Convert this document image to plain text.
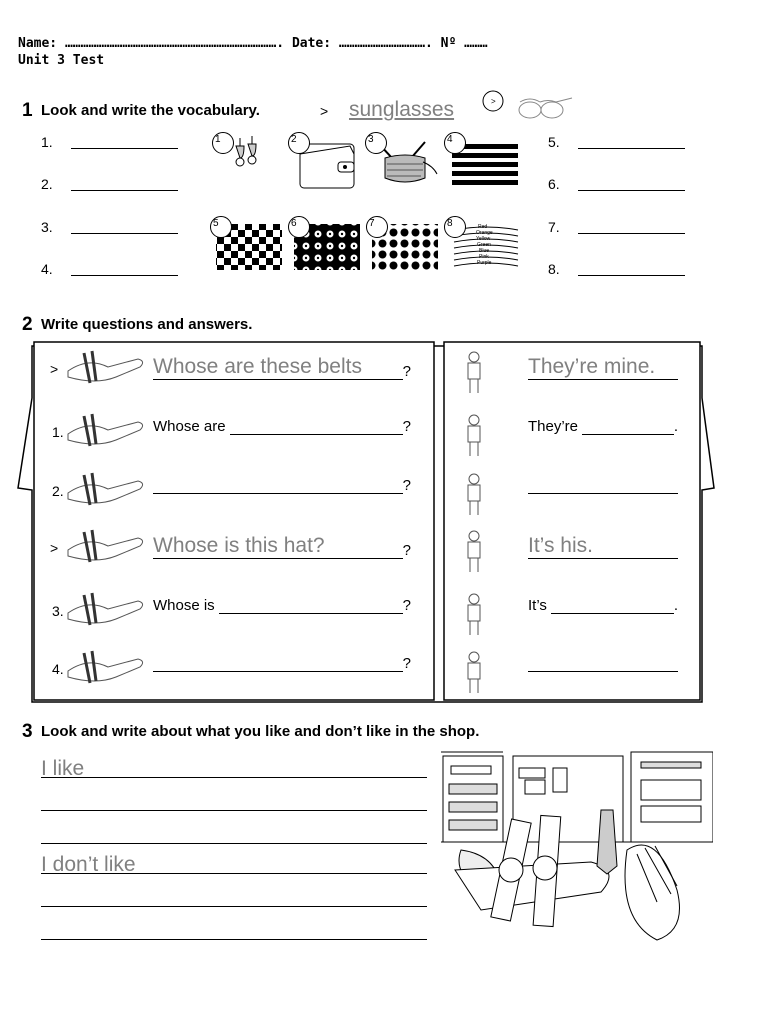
Name: ………………………………………………………………………. Date: ……………………………. Nº ………
Unit 3 Test
1 Look and write the vocabulary.	> sunglasses	>
1.
2.
3.
4.
5.
6.
7.
8.
1	2	3	4
5	6	7	Red
Orange
Yellow
Green
Blue
Pink
Purple
8
2 Write questions and answers.
>	Whose are these belts	?	They’re mine.
1.	Whose are	?	They’re	.
2.	?
>	Whose is this hat?	?	It’s his.
3.	Whose is	?	It’s	.
4.	?
3 Look and write about what you like and don’t like in the shop.
I like
I don’t like
